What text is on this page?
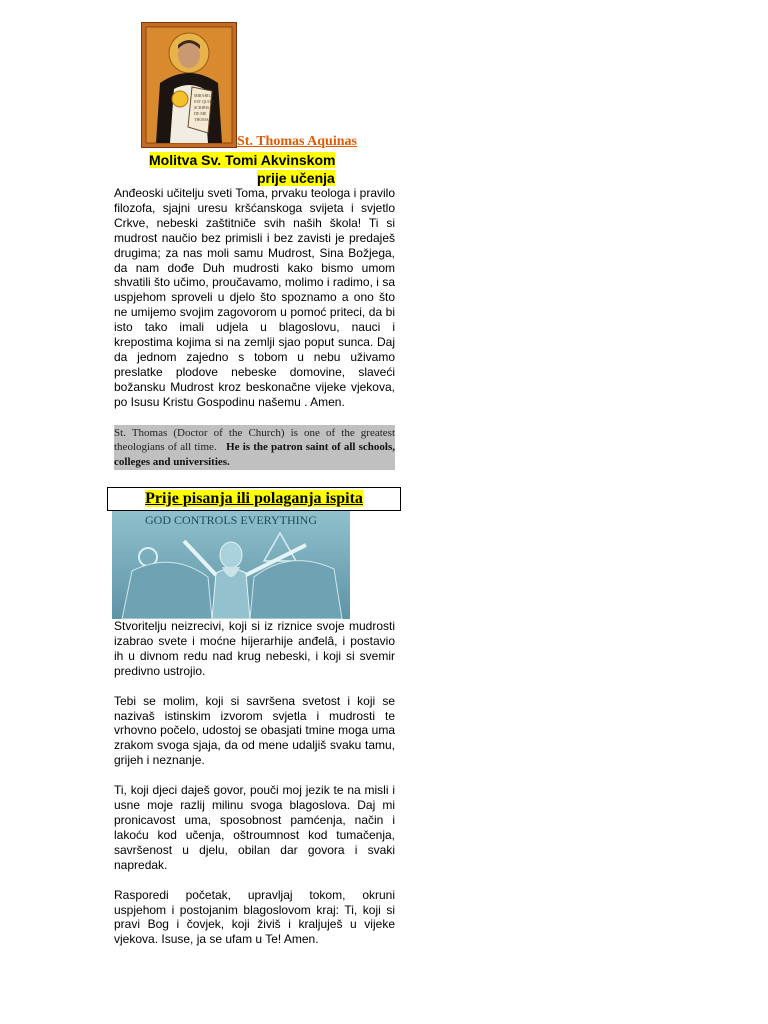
MIRABILE
EST QUOD
SCRIBIS
DE ME
THOMA
St. Thomas Aquinas
Molitva Sv. Tomi Akvinskom
prije učenja

Anđeoski učitelju sveti Toma, prvaku teologa i pravilo filozofa, sjajni uresu kršćanskoga svijeta i svjetlo Crkve, nebeski zaštitniče svih naših škola! Ti si mudrost naučio bez primisli i bez zavisti je predaješ drugima; za nas moli samu Mudrost, Sina Božjega, da nam dođe Duh mudrosti kako bismo umom shvatili što učimo, proučavamo, molimo i radimo, i sa uspjehom sproveli u djelo što spoznamo a ono što ne umijemo svojim zagovorom u pomoć priteci, da bi isto tako imali udjela u blagoslovu, nauci i krepostima kojima si na zemlji sjao poput sunca. Daj da jednom zajedno s tobom u nebu uživamo preslatke plodove nebeske domovine, slaveći božansku Mudrost kroz beskonačne vijeke vjekova, po Isusu Kristu Gospodinu našemu . Amen.

St. Thomas (Doctor of the Church) is one of the greatest theologians of all time. He is the patron saint of all schools, colleges and universities.
Prije pisanja ili polaganja ispita
GOD CONTROLS EVERYTHING

Stvoritelju neizrecivi, koji si iz riznice svoje mudrosti izabrao svete i moćne hijerarhije anđelâ, i postavio ih u divnom redu nad krug nebeski, i koji si svemir predivno ustrojio.

Tebi se molim, koji si savršena svetost i koji se nazivaš istinskim izvorom svjetla i mudrosti te vrhovno počelo, udostoj se obasjati tmine moga uma zrakom svoga sjaja, da od mene udaljiš svaku tamu, grijeh i neznanje.

Ti, koji djeci daješ govor, pouči moj jezik te na misli i usne moje razlij milinu svoga blagoslova. Daj mi pronicavost uma, sposobnost pamćenja, način i lakoću kod učenja, oštroumnost kod tumačenja, savršenost u djelu, obilan dar govora i svaki napredak.

Rasporedi početak, upravljaj tokom, okruni uspjehom i postojanim blagoslovom kraj: Ti, koji si pravi Bog i čovjek, koji živiš i kraljuješ u vijeke vjekova. Isuse, ja se ufam u Te! Amen.
